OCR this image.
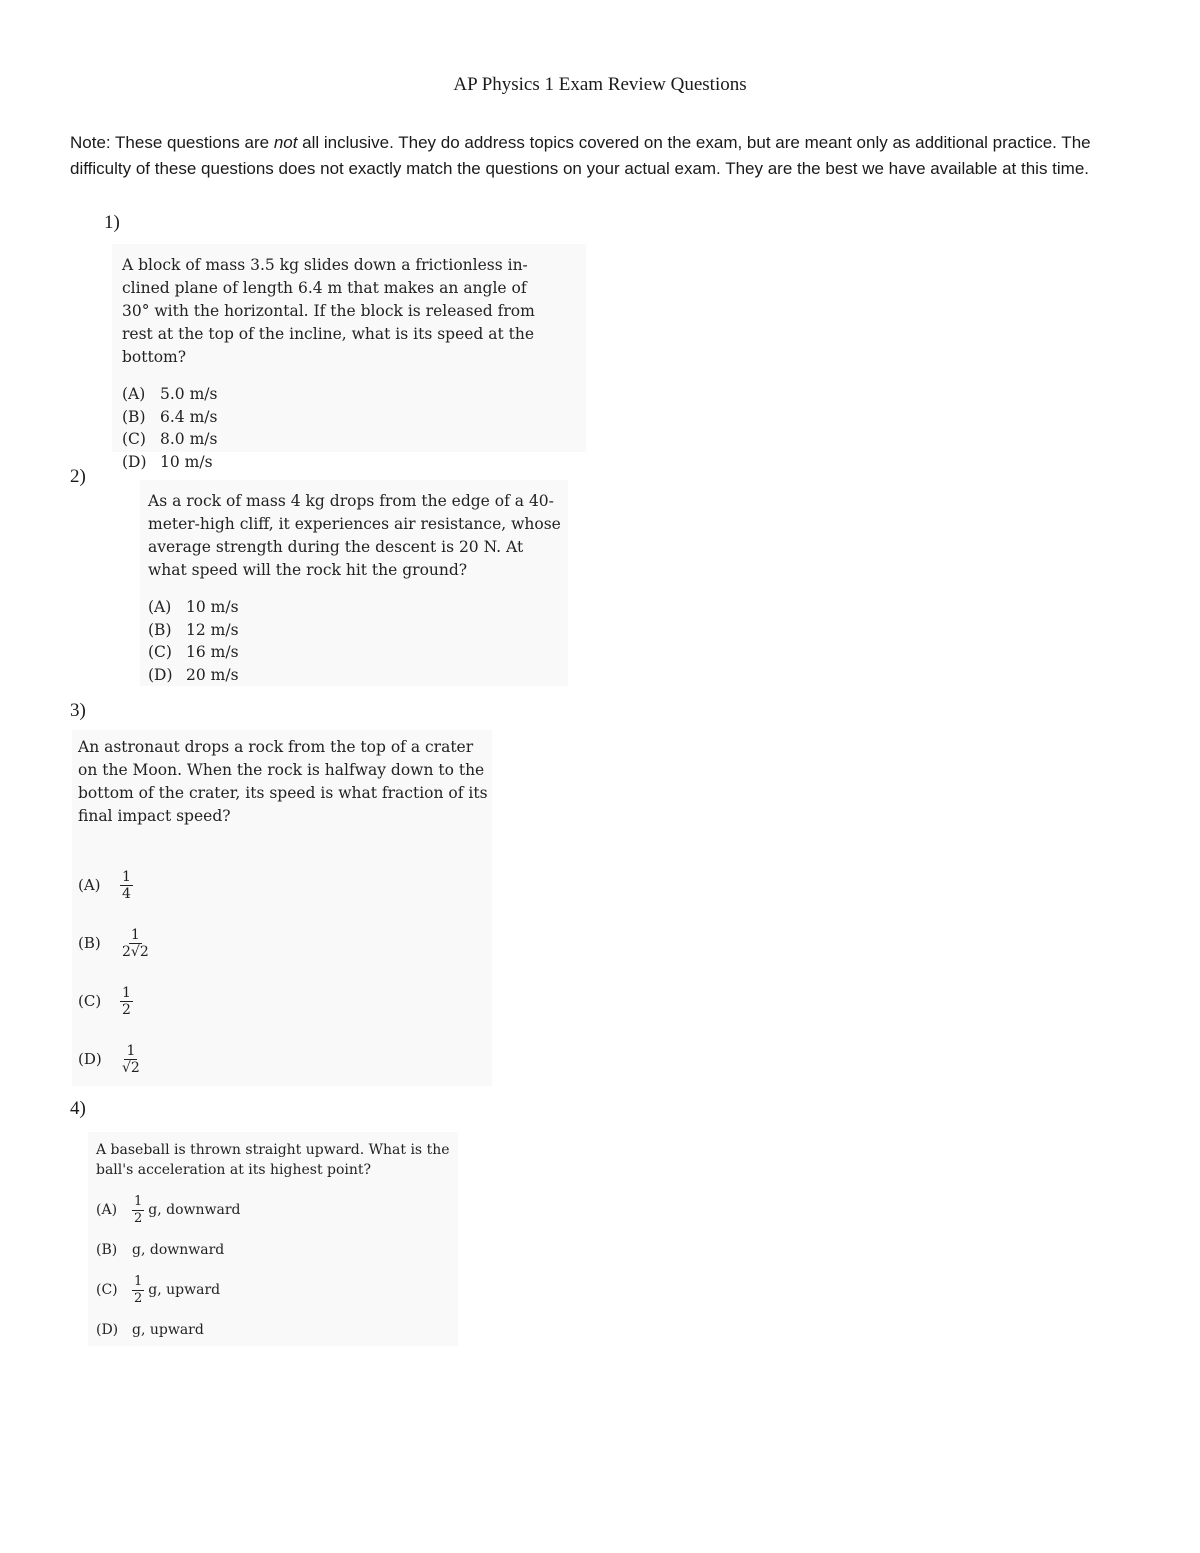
AP Physics 1 Exam Review Questions
Note: These questions are not all inclusive. They do address topics covered on the exam, but are meant only as additional practice. The difficulty of these questions does not exactly match the questions on your actual exam. They are the best we have available at this time.
1)
A block of mass 3.5 kg slides down a frictionless in-clined plane of length 6.4 m that makes an angle of 30° with the horizontal. If the block is released from rest at the top of the incline, what is its speed at the bottom?
(A) 5.0 m/s
(B) 6.4 m/s
(C) 8.0 m/s
(D) 10 m/s
2)
As a rock of mass 4 kg drops from the edge of a 40-meter-high cliff, it experiences air resistance, whose average strength during the descent is 20 N. At what speed will the rock hit the ground?
(A) 10 m/s
(B) 12 m/s
(C) 16 m/s
(D) 20 m/s
3)
An astronaut drops a rock from the top of a crater on the Moon. When the rock is halfway down to the bottom of the crater, its speed is what fraction of its final impact speed?
(A)	$\frac{1}{4}$
(B)	$\frac{1}{2√2}$
(C)	$\frac{1}{2}$
(D)	$\frac{1}{√2}$
4)
A baseball is thrown straight upward. What is the ball's acceleration at its highest point?
(A)	$\frac{1}{2} g$, downward
(B)	g, downward
(C)	$\frac{1}{2} g$, upward
(D) g, upward
